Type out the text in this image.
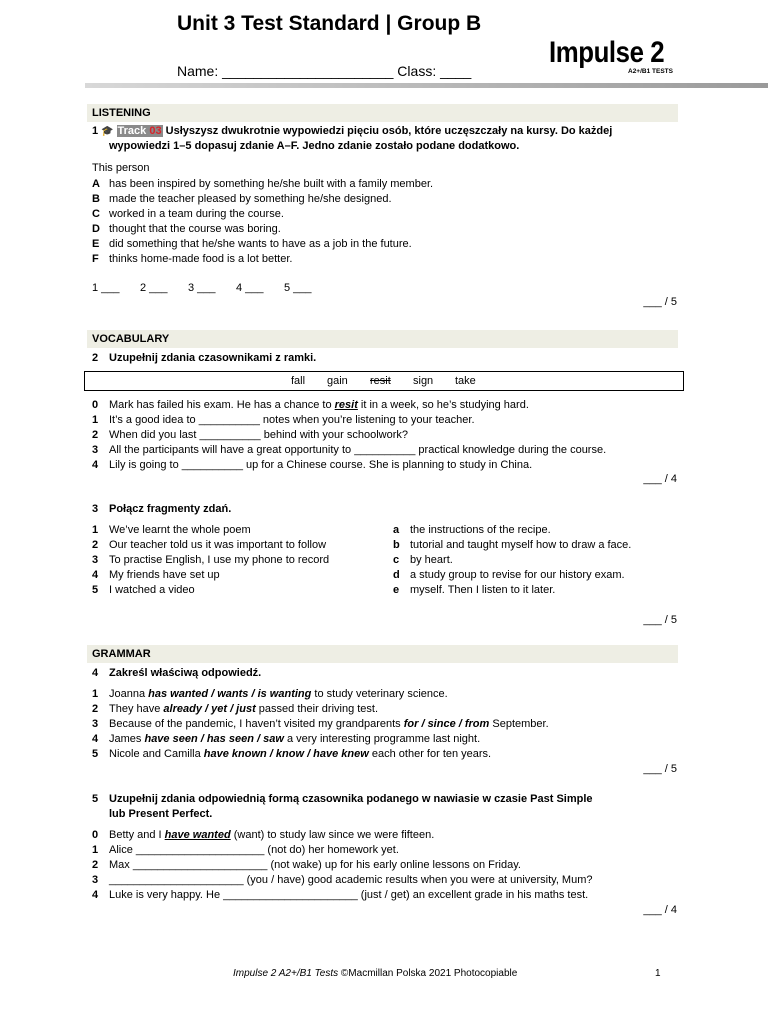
Unit 3 Test Standard | Group B
Impulse 2
A2+/B1 TESTS
Name: ______________________ Class: ____
LISTENING
1 🎓 Track 03 Usłyszysz dwukrotnie wypowiedzi pięciu osób, które uczęszczały na kursy. Do każdej
wypowiedzi 1–5 dopasuj zdanie A–F. Jedno zdanie zostało podane dodatkowo.
This person
A has been inspired by something he/she built with a family member.
B made the teacher pleased by something he/she designed.
C worked in a team during the course.
D thought that the course was boring.
E did something that he/she wants to have as a job in the future.
F thinks home-made food is a lot better.
1 ___ 2 ___ 3 ___ 4 ___ 5 ___
___ / 5
VOCABULARY
2 Uzupełnij zdania czasownikami z ramki.
fall gain resit sign take
0 Mark has failed his exam. He has a chance to resit it in a week, so he’s studying hard.
1 It’s a good idea to __________ notes when you’re listening to your teacher.
2 When did you last __________ behind with your schoolwork?
3 All the participants will have a great opportunity to __________ practical knowledge during the course.
4 Lily is going to __________ up for a Chinese course. She is planning to study in China.
___ / 4
3 Połącz fragmenty zdań.
1 We’ve learnt the whole poem
2 Our teacher told us it was important to follow
3 To practise English, I use my phone to record
4 My friends have set up
5 I watched a video
a the instructions of the recipe.
b tutorial and taught myself how to draw a face.
c by heart.
d a study group to revise for our history exam.
e myself. Then I listen to it later.
___ / 5
GRAMMAR
4 Zakreśl właściwą odpowiedź.
1 Joanna has wanted / wants / is wanting to study veterinary science.
2 They have already / yet / just passed their driving test.
3 Because of the pandemic, I haven’t visited my grandparents for / since / from September.
4 James have seen / has seen / saw a very interesting programme last night.
5 Nicole and Camilla have known / know / have knew each other for ten years.
___ / 5
5 Uzupełnij zdania odpowiednią formą czasownika podanego w nawiasie w czasie Past Simple
lub Present Perfect.
0 Betty and I have wanted (want) to study law since we were fifteen.
1 Alice _____________________ (not do) her homework yet.
2 Max ______________________ (not wake) up for his early online lessons on Friday.
3 ______________________ (you / have) good academic results when you were at university, Mum?
4 Luke is very happy. He ______________________ (just / get) an excellent grade in his maths test.
___ / 4
Impulse 2 A2+/B1 Tests ©Macmillan Polska 2021 Photocopiable	1
